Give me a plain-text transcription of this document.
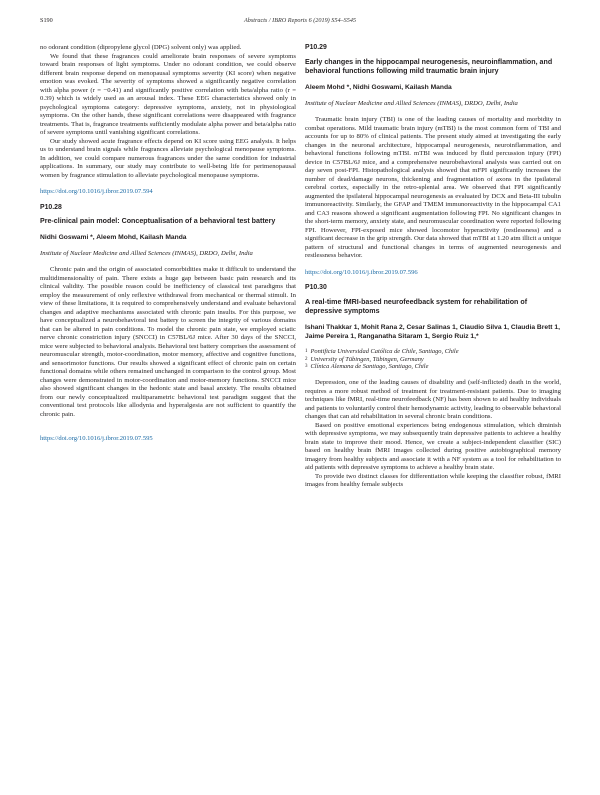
S190	Abstracts / IBRO Reports 6 (2019) S54–S545

no odorant condition (dipropylene glycol (DPG) solvent only) was applied.

We found that these fragrances could ameliorate brain responses of severe symptoms toward brain responses of light symptoms. Under no odorant condition, we could observe different brain response depend on menopausal symptoms severity (KI score) when negative emotion was evoked. The severity of symptoms showed a significantly negative correlation with alpha power (r = −0.41) and significantly positive correlation with beta/alpha ratio (r = 0.39) which is widely used as an arousal index. These EEG characteristics showed only in psychological symptoms category: depressive symptoms, anxiety, not in physiological symptoms. On the other hands, these significant correlations were disappeared with fragrance treatments. That is, fragrance treatments sufficiently modulate alpha power and beta/alpha ratio of severe symptoms until vanishing significant correlations.

Our study showed acute fragrance effects depend on KI score using EEG analysis. It helps us to understand brain signals while fragrances alleviate psychological menopause symptoms. In addition, we could compare numerous fragrances under the same condition for industrial applications. In summary, our study may contribute to well-being life for perimenopausal women by fragrance stimulation to alleviate psychological menopause symptoms.

https://doi.org/10.1016/j.ibror.2019.07.594
P10.28
Pre-clinical pain model: Conceptualisation of a behavioral test battery
Nidhi Goswami *, Aleem Mohd, Kailash Manda
Institute of Nuclear Medicine and Allied Sciences (INMAS), DRDO, Delhi, India

Chronic pain and the origin of associated comorbidities make it difficult to understand the multidimensionality of pain. There exists a huge gap between basic pain research and its clinical validity. The possible reason could be inefficiency of classical test paradigms that employ the measurement of only reflexive withdrawal from mechanical or thermal stimuli. In view of these limitations, it is required to comprehensively understand and evaluate behavioral changes and adaptive mechanisms associated with chronic pain insults. For this purpose, we have conceptualized a neurobehavioral test battery to screen the integrity of various domains that can be altered in pain conditions. To model the chronic pain state, we employed sciatic nerve chronic constriction injury (SNCCI) in C57BL/6J mice. After 30 days of the SNCCI, mice were subjected to behavioral analysis. Behavioral test battery comprises the assessment of neuromuscular strength, motor-coordination, motor memory, affective and cognitive functions, and sensorimotor functions. Our results showed a significant effect of chronic pain on certain functional domains while others remained unchanged in comparison to the control group. Most changes were demonstrated in motor-coordination and motor-memory functions. SNCCI mice also showed significant changes in the hedonic state and basal anxiety. The results obtained from our newly conceptualized multiparametric behavioral test paradigm suggest that the conventional test protocols like allodynia and hyperalgesia are not sufficient to quantify the chronic pain.

https://doi.org/10.1016/j.ibror.2019.07.595
P10.29
Early changes in the hippocampal neurogenesis, neuroinflammation, and behavioral functions following mild traumatic brain injury
Aleem Mohd *, Nidhi Goswami, Kailash Manda
Institute of Nuclear Medicine and Allied Sciences (INMAS), DRDO, Delhi, India

Traumatic brain injury (TBI) is one of the leading causes of mortality and morbidity in combat operations. Mild traumatic brain injury (mTBI) is the most common form of TBI and accounts for up to 80% of clinical patients. The present study aimed at investigating the early changes in the neuronal architecture, hippocampal neurogenesis, neuroinflammation, and behavioral functions following mTBI. mTBI was induced by fluid percussion injury (FPI) device in C57BL/6J mice, and a comprehensive neurobehavioral analysis was carried out on day seven post-FPI. Histopathological analysis showed that mFPI significantly increases the number of dead/damage neurons, thickening and fragmentation of axons in the ipsilateral cerebral cortex, especially in the retro-splenial area. We observed that FPI significantly augmented the ipsilateral hippocampal neurogenesis as evaluated by DCX and Beta-III tubulin immunoreactivity. Similarly, the GFAP and TMEM immunoreactivity in the hippocampal CA1 and CA3 reasons showed a significant augmentation following FPI. No significant changes in the short-term memory, anxiety state, and neuromuscular coordination were reported following FPI. However, FPI-exposed mice showed locomotor hyperactivity (restlessness) and a significant decrease in the grip strength. Our data showed that mTBI at 1.20 atm illicit a unique pattern of structural and functional changes in terms of augmented neurogenesis and restlessness behavior.

https://doi.org/10.1016/j.ibror.2019.07.596
P10.30
A real-time fMRI-based neurofeedback system for rehabilitation of depressive symptoms
Ishani Thakkar 1, Mohit Rana 2, Cesar Salinas 1, Claudio Silva 1, Claudia Brett 1, Jaime Pereira 1, Ranganatha Sitaram 1, Sergio Ruiz 1,*
1 Pontificia Universidad Católica de Chile, Santiago, Chile
2 University of Tübingen, Tübingen, Germany
3 Clínica Alemana de Santiago, Santiago, Chile

Depression, one of the leading causes of disability and (self-inflicted) death in the world, requires a more robust method of treatment for treatment-resistant patients. Due to imaging techniques like fMRI, real-time neurofeedback (NF) has been shown to aid healthy individuals and patients to voluntarily control their hemodynamic activity, leading to observable behavioral changes that can aid rehabilitation in several chronic brain conditions.

Based on positive emotional experiences being endogenous stimulation, which diminish with depressive symptoms, we may subsequently train depressive patients to achieve a healthy brain state to improve their mood. Hence, we create a subject-independent classifier (SIC) based on healthy brain fMRI images collected during positive autobiographical memory imagery from healthy subjects and associate it with a NF system as a tool for rehabilitation to aid patients with depressive symptoms to achieve a healthy brain state.

To provide two distinct classes for differentiation while keeping the classifier robust, fMRI images from healthy female subjects
